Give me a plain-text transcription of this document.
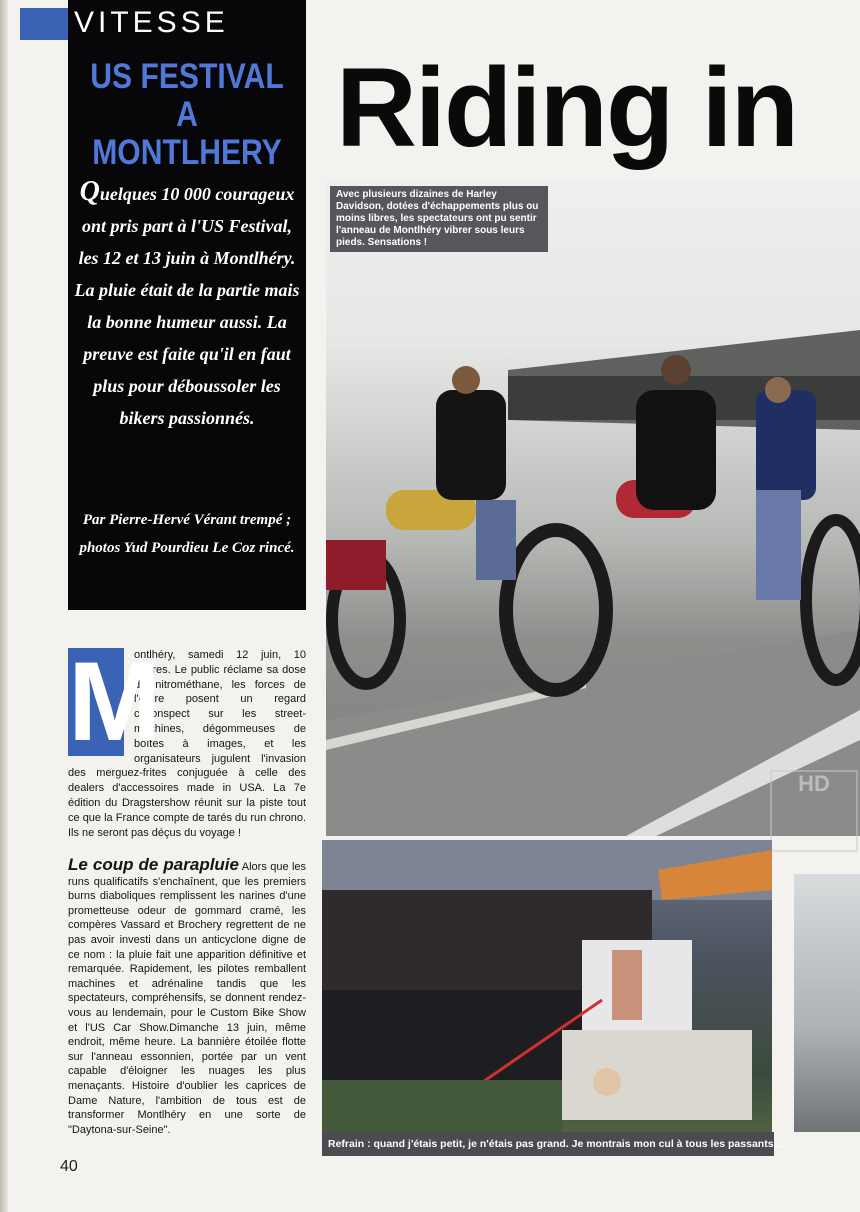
VITESSE
US FESTIVAL
A MONTLHERY
Quelques 10 000 courageux ont pris part à l'US Festival, les 12 et 13 juin à Montlhéry. La pluie était de la partie mais la bonne humeur aussi. La preuve est faite qu'il en faut plus pour déboussoler les bikers passionnés.
Par Pierre-Hervé Vérant trempé ; photos Yud Pourdieu Le Coz rincé.
Riding in
HD
Avec plusieurs dizaines de Harley Davidson, dotées d'échappements plus ou moins libres, les spectateurs ont pu sentir l'anneau de Montlhéry vibrer sous leurs pieds. Sensations !
Refrain : quand j'étais petit, je n'étais pas grand. Je montrais mon cul à tous les passants...
ontlhéry, samedi 12 juin, 10 heures. Le public réclame sa dose de nitrométhane, les forces de l'ordre posent un regard circonspect sur les street-machines, dégommeuses de boîtes à images, et les organisateurs jugulent l'invasion des merguez-frites conjuguée à celle des dealers d'accessoires made in USA. La 7e édition du Dragstershow réunit sur la piste tout ce que la France compte de tarés du run chrono. Ils ne seront pas déçus du voyage !
M
Le coup de parapluie Alors que les runs qualificatifs s'enchaînent, que les premiers burns diaboliques remplissent les narines d'une prometteuse odeur de gommard cramé, les compères Vassard et Brochery regrettent de ne pas avoir investi dans un anticyclone digne de ce nom : la pluie fait une apparition définitive et remarquée. Rapidement, les pilotes remballent machines et adrénaline tandis que les spectateurs, compréhensifs, se donnent rendez-vous au lendemain, pour le Custom Bike Show et l'US Car Show.Dimanche 13 juin, même endroit, même heure. La bannière étoilée flotte sur l'anneau essonnien, portée par un vent capable d'éloigner les nuages les plus menaçants. Histoire d'oublier les caprices de Dame Nature, l'ambition de tous est de transformer Montlhéry en une sorte de "Daytona-sur-Seine".
40
